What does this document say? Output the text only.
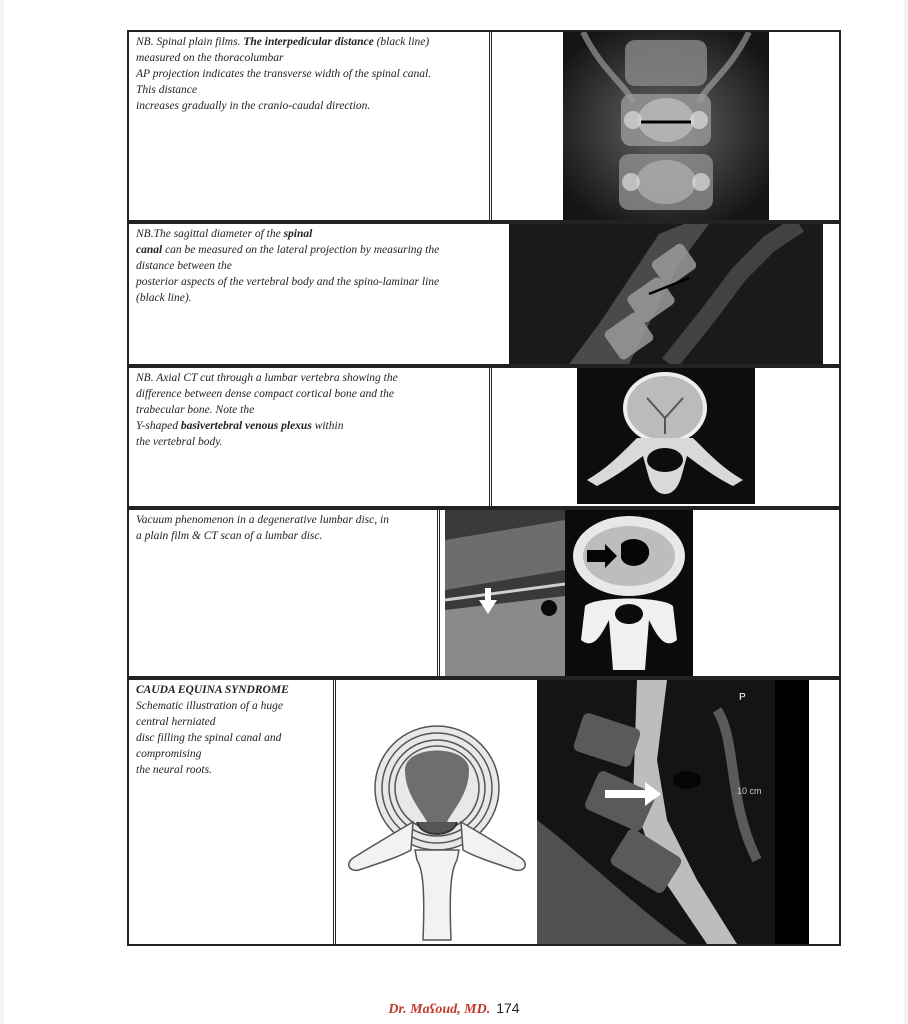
NB. Spinal plain films. The interpedicular distance (black line)
measured on the thoracolumbar
AP projection indicates the transverse width of the spinal canal.
This distance
increases gradually in the cranio-caudal direction.
NB.The sagittal diameter of the spinal
canal can be measured on the lateral projection by measuring the
distance between the
posterior aspects of the vertebral body and the spino-laminar line
(black line).
NB. Axial CT cut through a lumbar vertebra showing the
difference between dense compact cortical bone and the
trabecular bone. Note the
Y-shaped basivertebral venous plexus within
the vertebral body.
Vacuum phenomenon in a degenerative lumbar disc, in
a plain film & CT scan of a lumbar disc.
CAUDA EQUINA SYNDROME
Schematic illustration of a huge
central herniated
disc filling the spinal canal and
compromising
the neural roots.
P
10 cm
Dr. Maʕoud, MD. 174
